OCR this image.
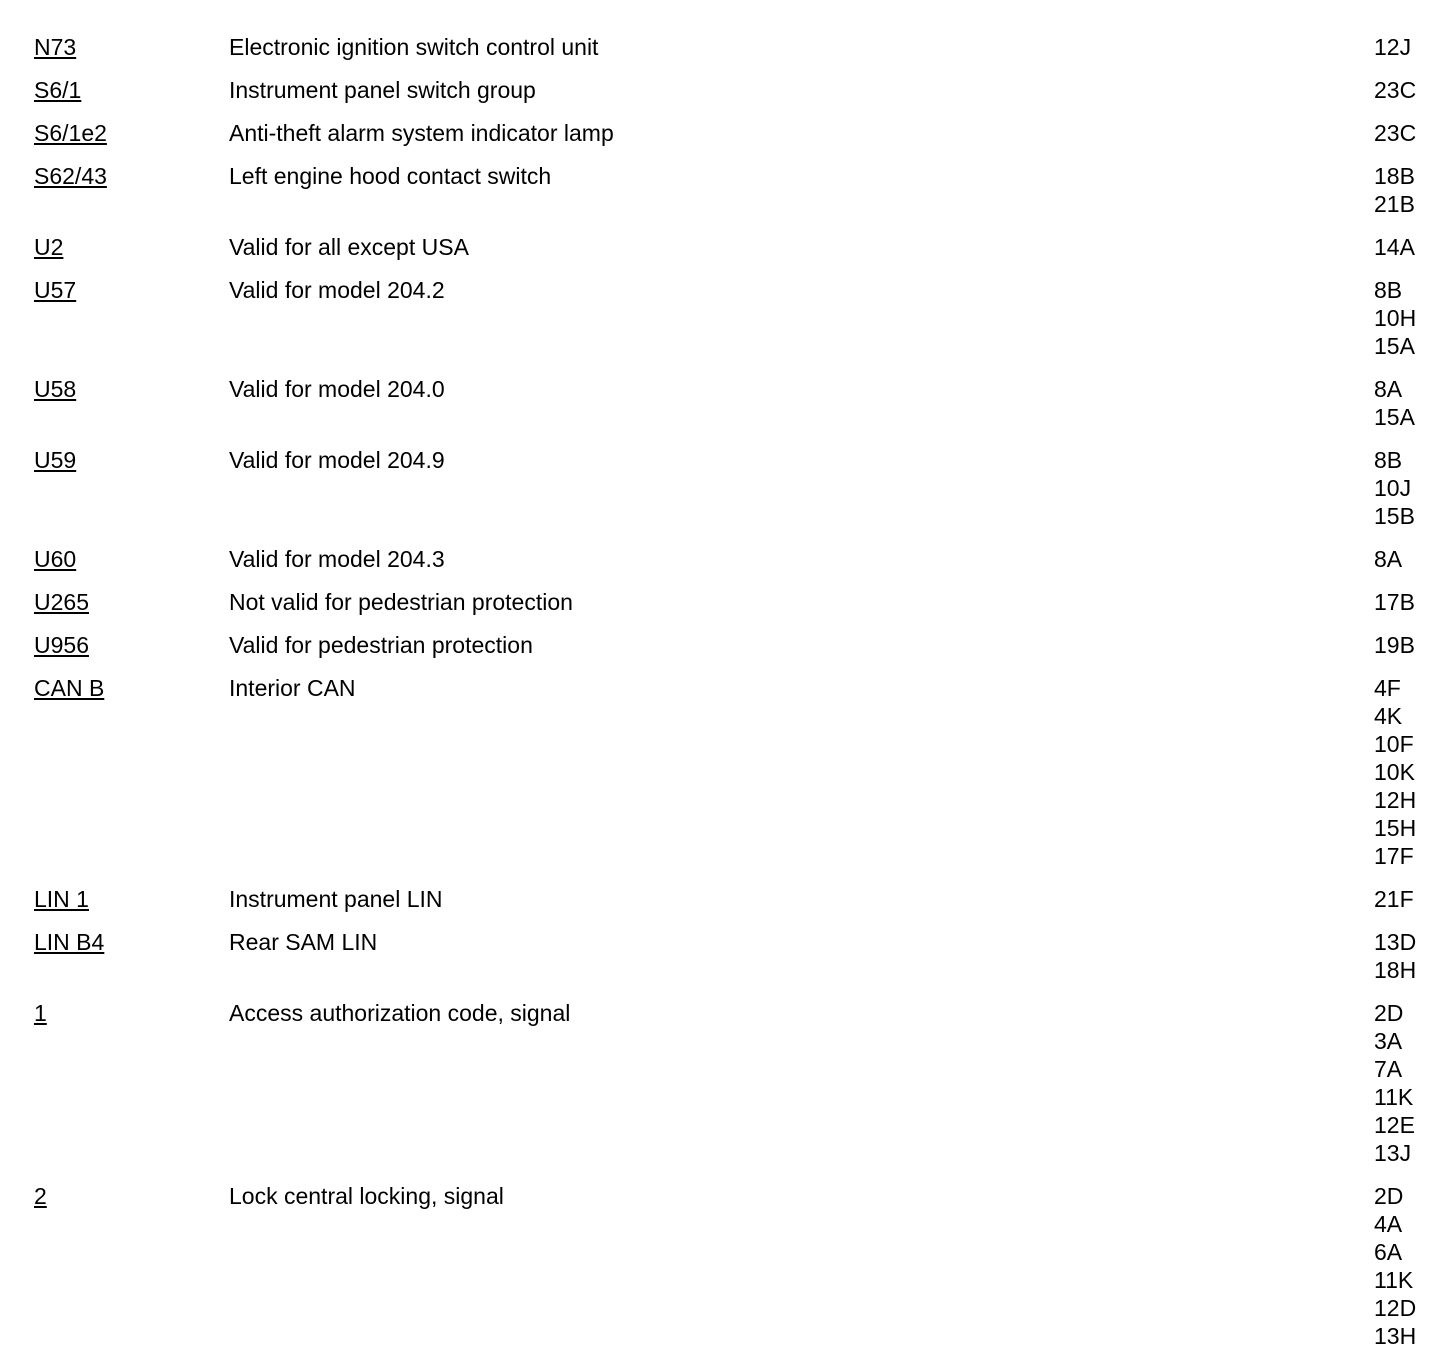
N73	Electronic ignition switch control unit	12J
S6/1	Instrument panel switch group	23C
S6/1e2	Anti-theft alarm system indicator lamp	23C
S62/43	Left engine hood contact switch	18B
21B
U2	Valid for all except USA	14A
U57	Valid for model 204.2	8B
10H
15A
U58	Valid for model 204.0	8A
15A
U59	Valid for model 204.9	8B
10J
15B
U60	Valid for model 204.3	8A
U265	Not valid for pedestrian protection	17B
U956	Valid for pedestrian protection	19B
CAN B	Interior CAN	4F
4K
10F
10K
12H
15H
17F
LIN 1	Instrument panel LIN	21F
LIN B4	Rear SAM LIN	13D
18H
1	Access authorization code, signal	2D
3A
7A
11K
12E
13J
2	Lock central locking, signal	2D
4A
6A
11K
12D
13H
